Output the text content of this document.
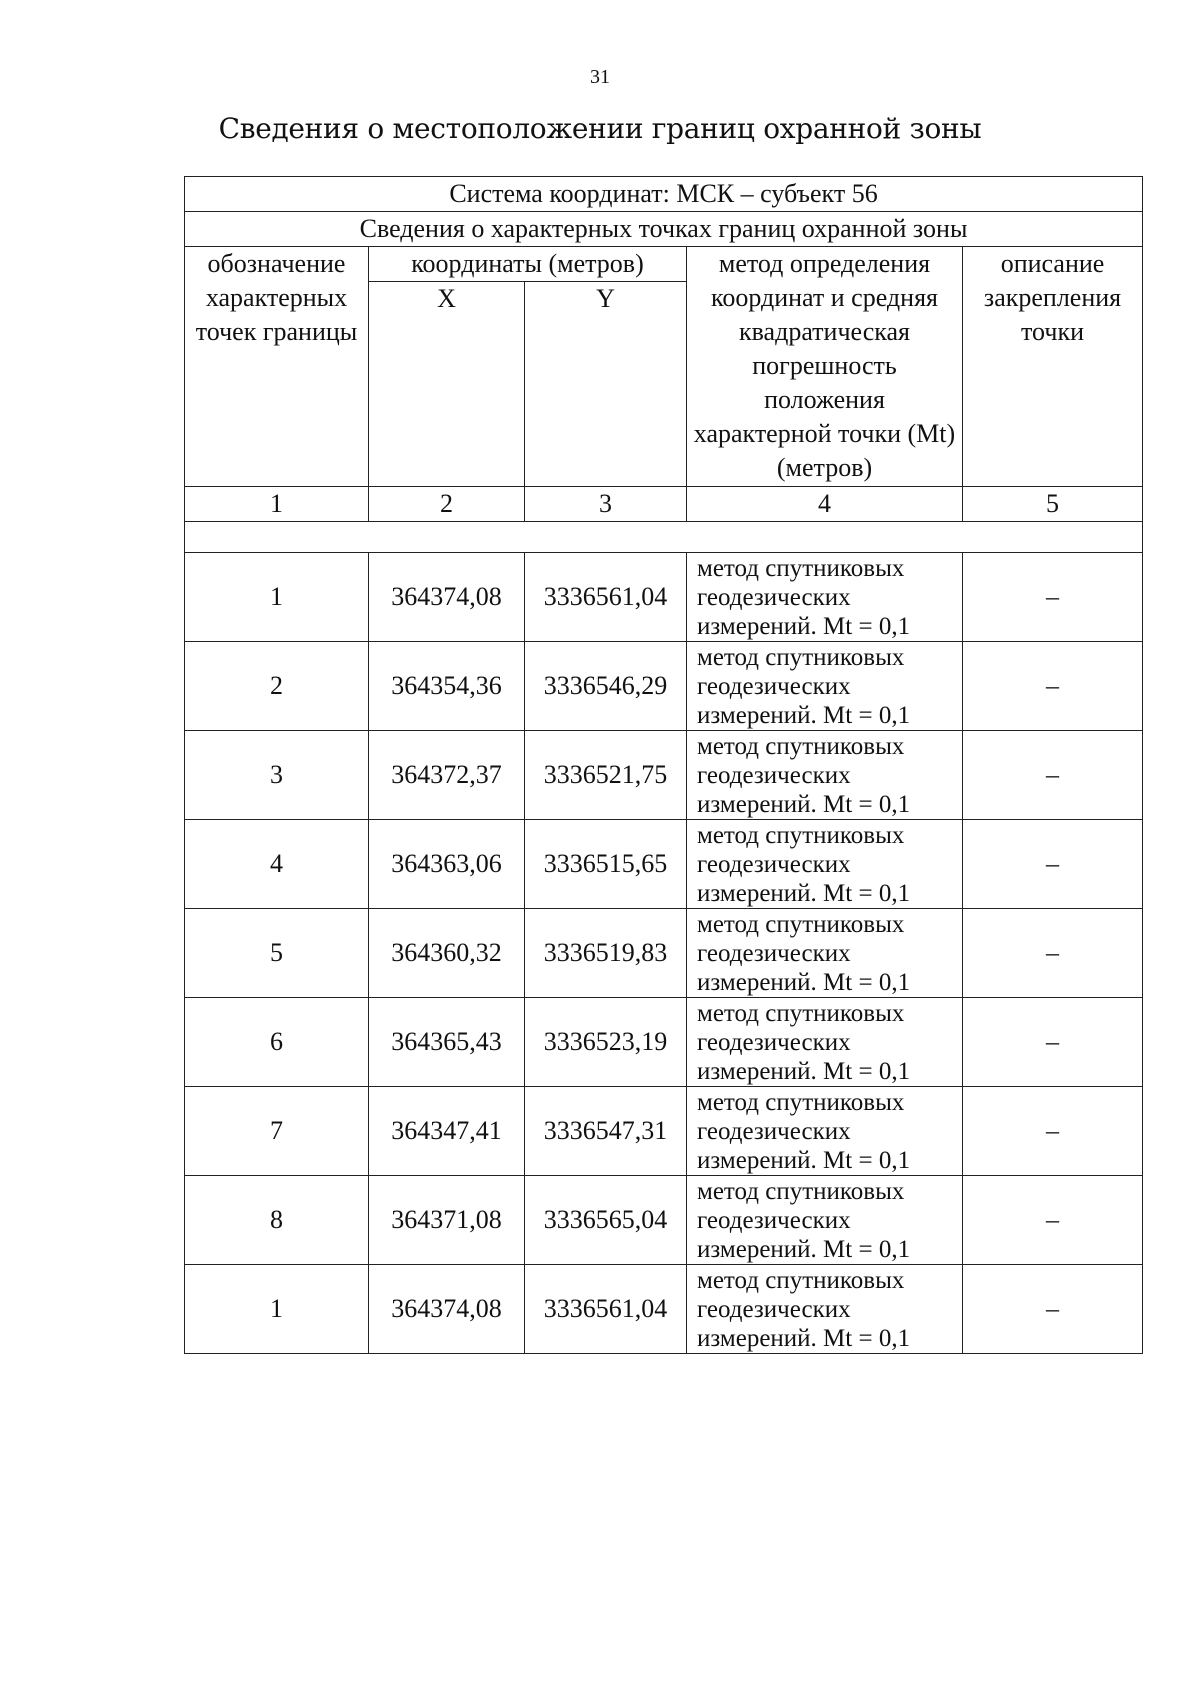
31
Сведения о местоположении границ охранной зоны
Система координат: МСК – субъект 56				
Сведения о характерных точках границ охранной зоны				
обозначение характерных точек границы	координаты (метров)		метод определения координат и средняя квадратическая погрешность положения характерной точки (Mt) (метров)	описание закрепления точки
	X	Y		
1	2	3	4	5

1	364374,08	3336561,04	метод спутниковых
геодезических
измерений. Mt = 0,1	–
2	364354,36	3336546,29	метод спутниковых
геодезических
измерений. Mt = 0,1	–
3	364372,37	3336521,75	метод спутниковых
геодезических
измерений. Mt = 0,1	–
4	364363,06	3336515,65	метод спутниковых
геодезических
измерений. Mt = 0,1	–
5	364360,32	3336519,83	метод спутниковых
геодезических
измерений. Mt = 0,1	–
6	364365,43	3336523,19	метод спутниковых
геодезических
измерений. Mt = 0,1	–
7	364347,41	3336547,31	метод спутниковых
геодезических
измерений. Mt = 0,1	–
8	364371,08	3336565,04	метод спутниковых
геодезических
измерений. Mt = 0,1	–
1	364374,08	3336561,04	метод спутниковых
геодезических
измерений. Mt = 0,1	–
